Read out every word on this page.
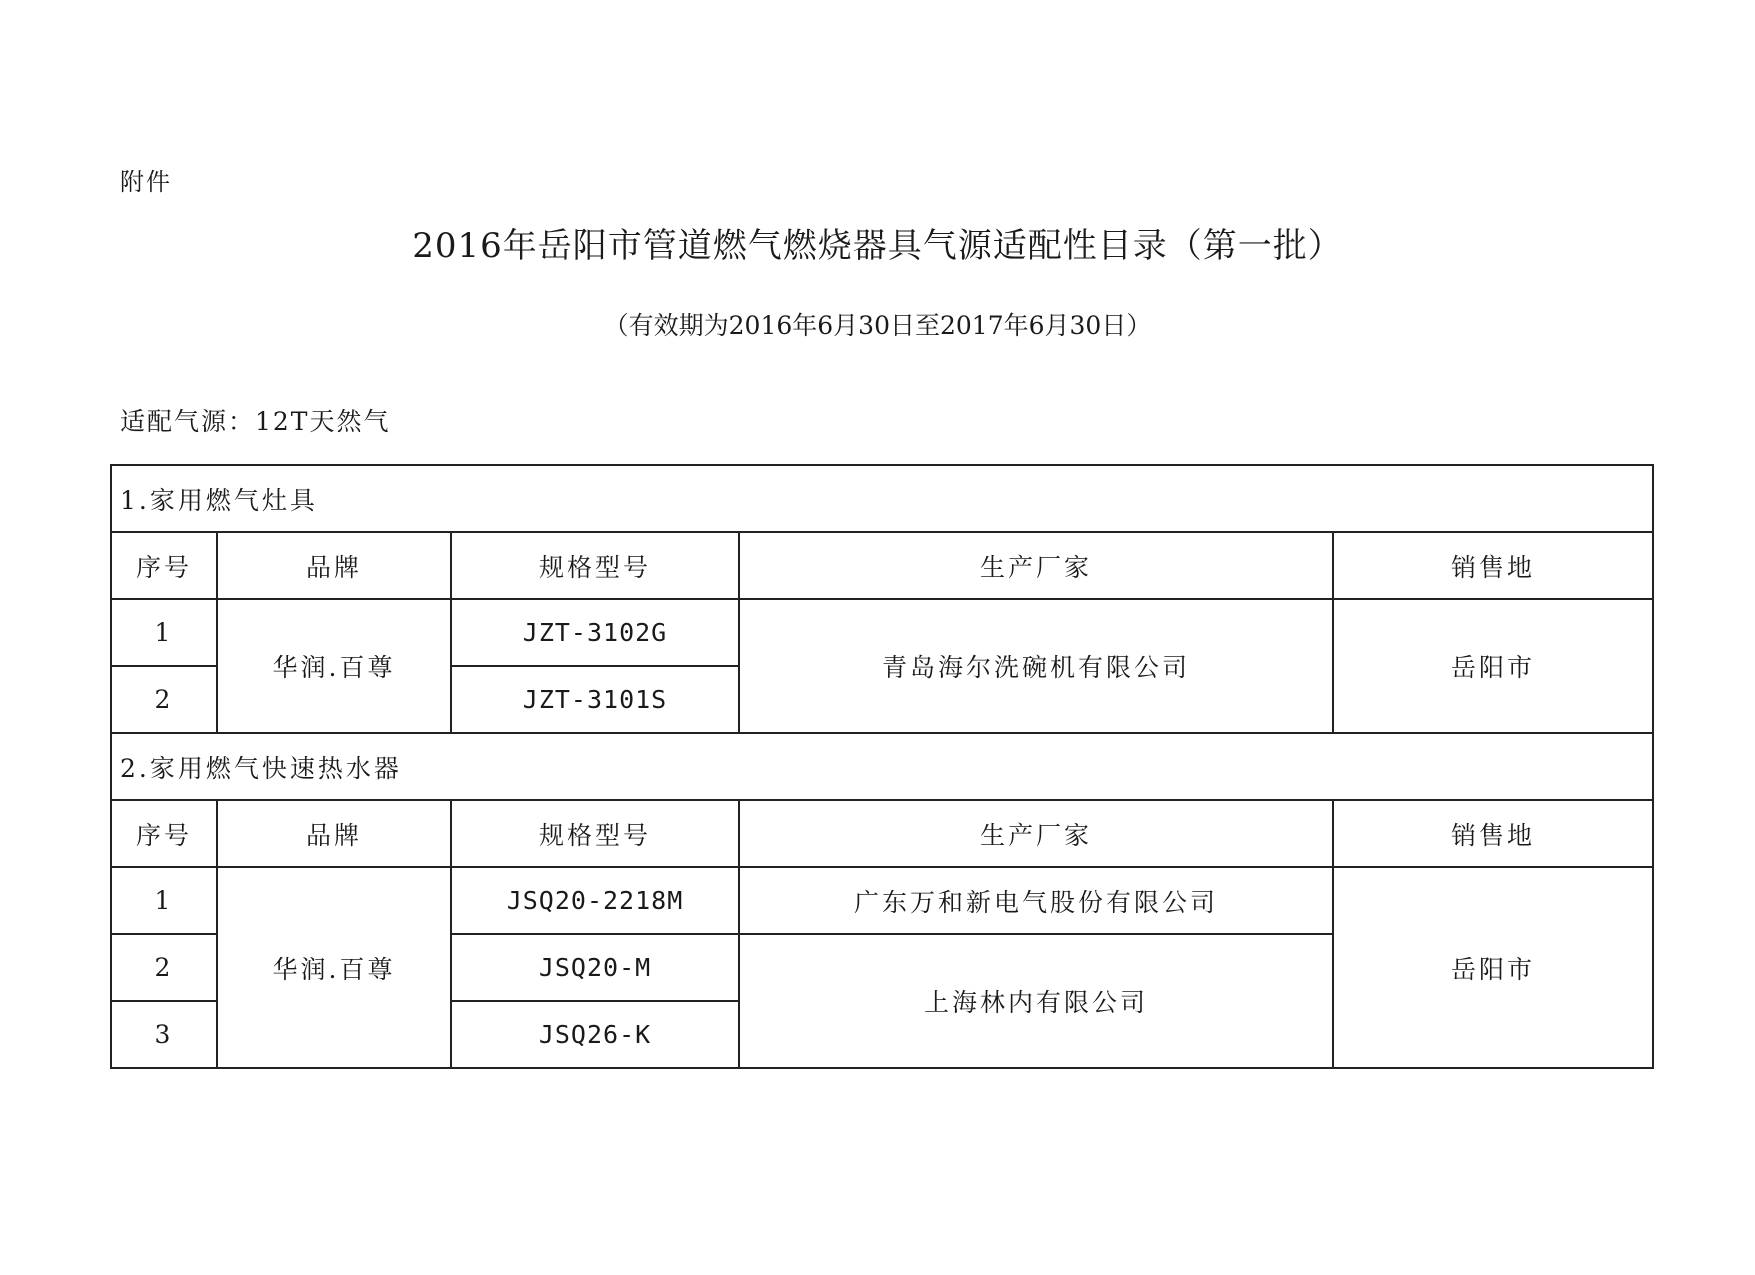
附件
2016年岳阳市管道燃气燃烧器具气源适配性目录（第一批）
（有效期为2016年6月30日至2017年6月30日）
适配气源：12T天然气
1.家用燃气灶具				
序号	品牌	规格型号	生产厂家	销售地
1	华润.百尊	JZT-3102G	青岛海尔洗碗机有限公司	岳阳市
2		JZT-3101S		
2.家用燃气快速热水器				
序号	品牌	规格型号	生产厂家	销售地
1	华润.百尊	JSQ20-2218M	广东万和新电气股份有限公司	岳阳市
2		JSQ20-M	上海林内有限公司	
3		JSQ26-K		
